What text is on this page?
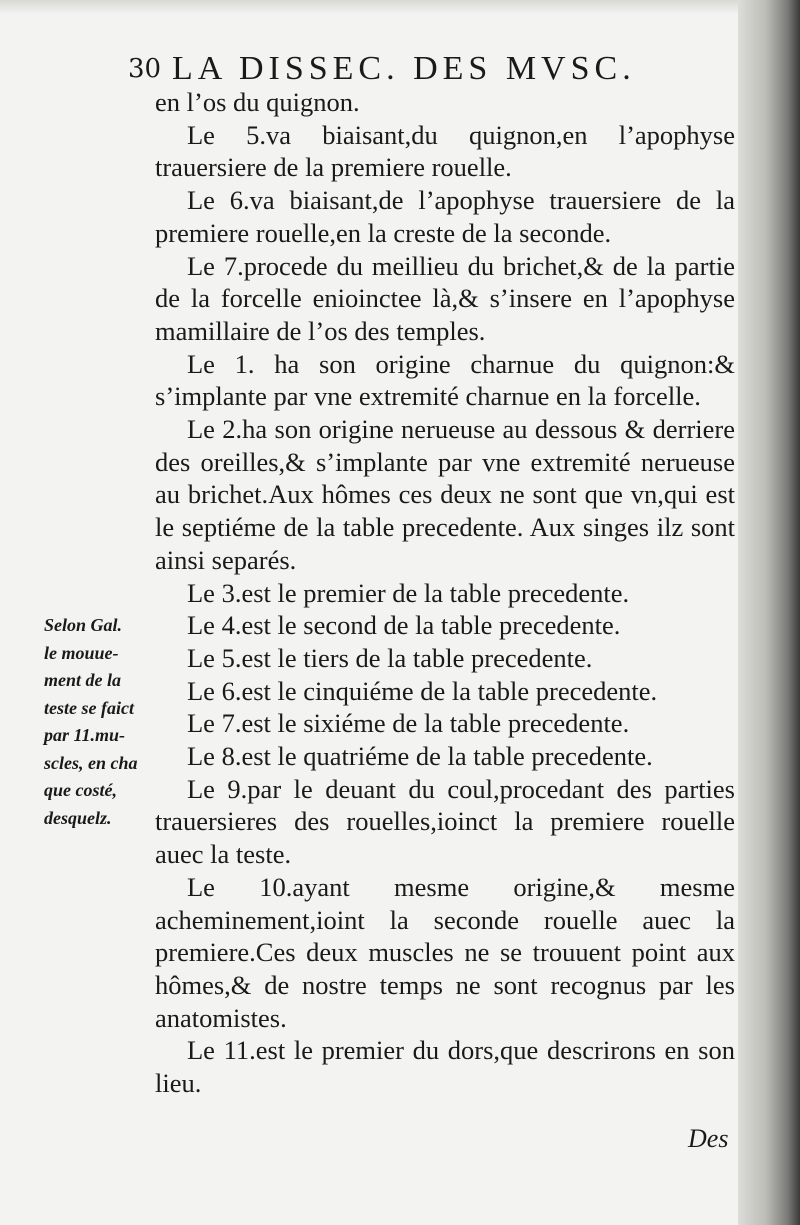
30 LA DISSEC. DES MVSC.

en l’os du quignon.

Le 5.va biaisant,du quignon,en l’apophyse trauersiere de la premiere rouelle.

Le 6.va biaisant,de l’apophyse trauersiere de la premiere rouelle,en la creste de la seconde.

Le 7.procede du meillieu du brichet,& de la partie de la forcelle enioinctee là,& s’insere en l’apophyse mamillaire de l’os des temples.

Le 1. ha son origine charnue du quignon:& s’implante par vne extremité charnue en la forcelle.

Le 2.ha son origine nerueuse au dessous & derriere des oreilles,& s’implante par vne extremité nerueuse au brichet.Aux hômes ces deux ne sont que vn,qui est le septiéme de la table precedente. Aux singes ilz sont ainsi separés.

Le 3.est le premier de la table precedente.

Le 4.est le second de la table precedente.

Le 5.est le tiers de la table precedente.

Le 6.est le cinquiéme de la table precedente.

Le 7.est le sixiéme de la table precedente.

Le 8.est le quatriéme de la table precedente.

Le 9.par le deuant du coul,procedant des parties trauersieres des rouelles,ioinct la premiere rouelle auec la teste.

Le 10.ayant mesme origine,& mesme acheminement,ioint la seconde rouelle auec la premiere.Ces deux muscles ne se trouuent point aux hômes,& de nostre temps ne sont recognus par les anatomistes.

Le 11.est le premier du dors,que descrirons en son lieu.

Selon Gal.
le mouue-
ment de la
teste se faict
par 11.mu-
scles, en cha
que costé,
desquelz.
Des
